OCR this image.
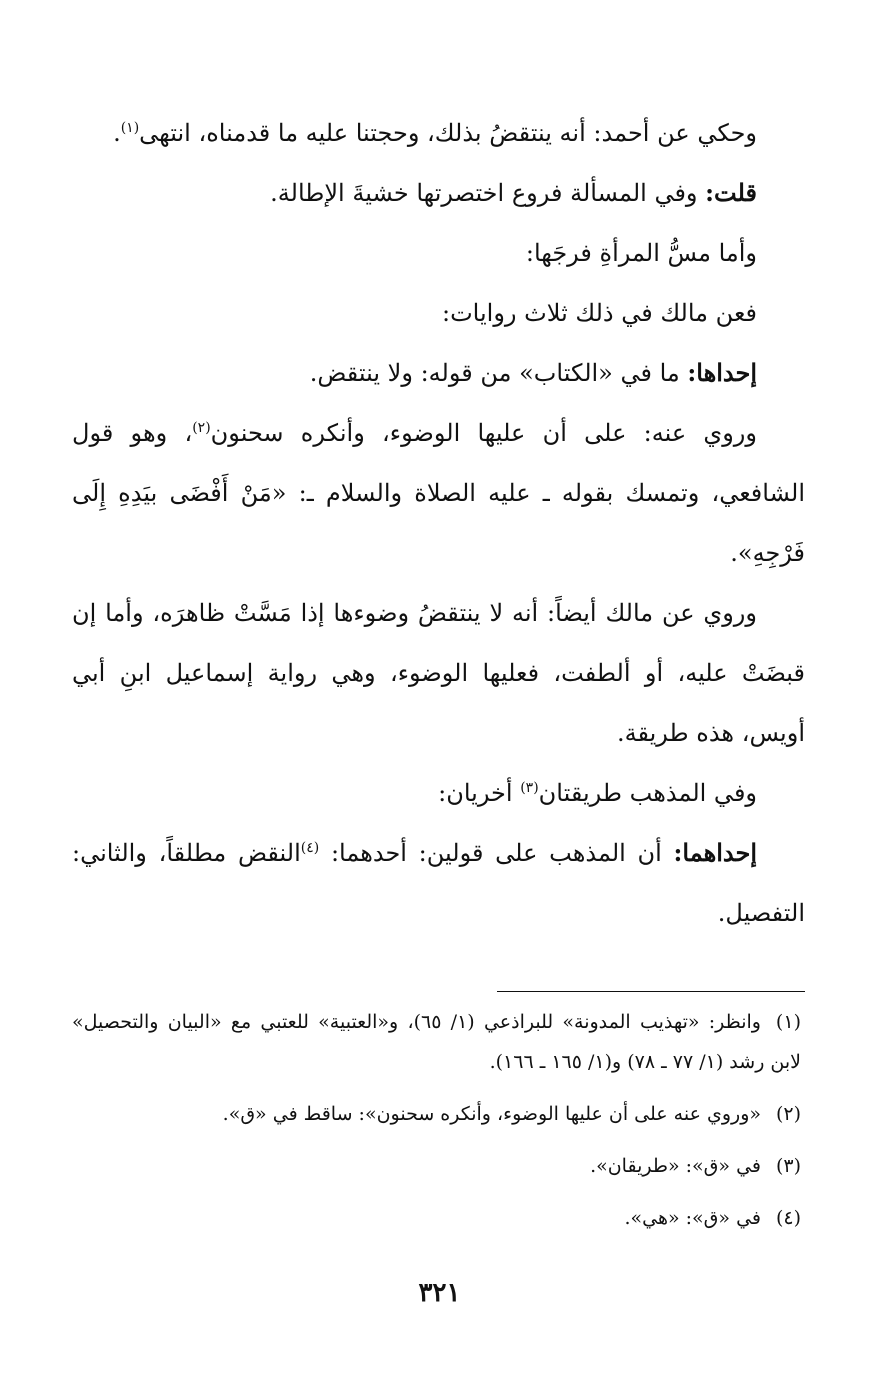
وحكي عن أحمد: أنه ينتقضُ بذلك، وحجتنا عليه ما قدمناه، انتهى$^{(١)}$.

قلت: وفي المسألة فروع اختصرتها خشيةَ الإطالة.

وأما مسُّ المرأةِ فرجَها:

فعن مالك في ذلك ثلاث روايات:

إحداها: ما في «الكتاب» من قوله: ولا ينتقض.

وروي عنه: على أن عليها الوضوء، وأنكره سحنون$^{(٢)}$، وهو قول الشافعي، وتمسك بقوله ـ عليه الصلاة والسلام ـ: «مَنْ أَفْضَى بيَدِهِ إِلَى فَرْجِهِ».

وروي عن مالك أيضاً: أنه لا ينتقضُ وضوءها إذا مَسَّتْ ظاهرَه، وأما إن قبضَتْ عليه، أو ألطفت، فعليها الوضوء، وهي رواية إسماعيل ابنِ أبي أويس، هذه طريقة.

وفي المذهب طريقتان$^{(٣)}$ أخريان:

إحداهما: أن المذهب على قولين: أحدهما: $^{(٤)}$النقض مطلقاً، والثاني: التفصيل.

(١)وانظر: «تهذيب المدونة» للبراذعي (١/ ٦٥)، و«العتبية» للعتبي مع «البيان والتحصيل» لابن رشد (١/ ٧٧ ـ ٧٨) و(١/ ١٦٥ ـ ١٦٦).

(٢)«وروي عنه على أن عليها الوضوء، وأنكره سحنون»: ساقط في «ق».

(٣)في «ق»: «طريقان».

(٤)في «ق»: «هي».

٣٢١
